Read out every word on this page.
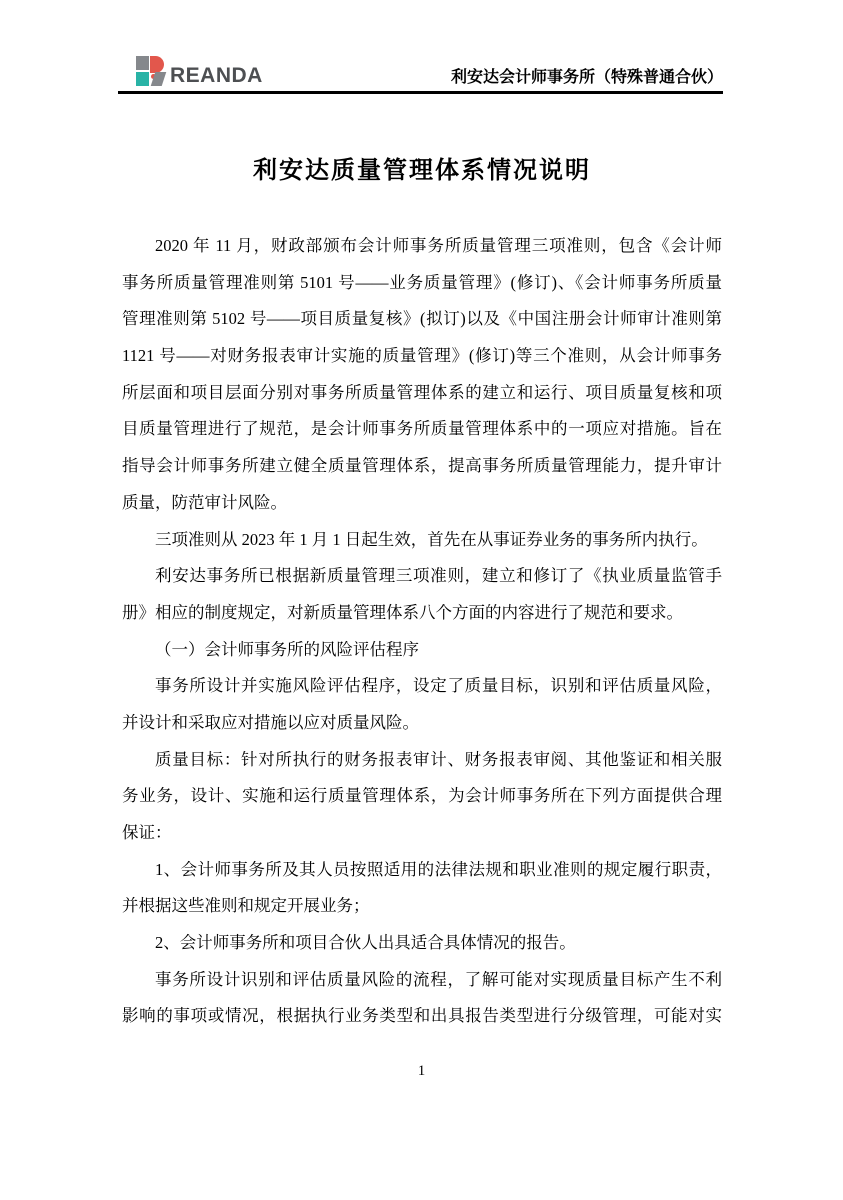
REANDA	利安达会计师事务所（特殊普通合伙）
利安达质量管理体系情况说明
2020 年 11 月，财政部颁布会计师事务所质量管理三项准则，包含《会计师
事务所质量管理准则第 5101 号——业务质量管理》(修订)、《会计师事务所质量
管理准则第 5102 号——项目质量复核》(拟订)以及《中国注册会计师审计准则第
1121 号——对财务报表审计实施的质量管理》(修订)等三个准则，从会计师事务
所层面和项目层面分别对事务所质量管理体系的建立和运行、项目质量复核和项
目质量管理进行了规范，是会计师事务所质量管理体系中的一项应对措施。旨在
指导会计师事务所建立健全质量管理体系，提高事务所质量管理能力，提升审计
质量，防范审计风险。
三项准则从 2023 年 1 月 1 日起生效，首先在从事证券业务的事务所内执行。
利安达事务所已根据新质量管理三项准则，建立和修订了《执业质量监管手
册》相应的制度规定，对新质量管理体系八个方面的内容进行了规范和要求。
（一）会计师事务所的风险评估程序
事务所设计并实施风险评估程序，设定了质量目标，识别和评估质量风险，
并设计和采取应对措施以应对质量风险。
质量目标：针对所执行的财务报表审计、财务报表审阅、其他鉴证和相关服
务业务，设计、实施和运行质量管理体系，为会计师事务所在下列方面提供合理
保证：
1、会计师事务所及其人员按照适用的法律法规和职业准则的规定履行职责，
并根据这些准则和规定开展业务；
2、会计师事务所和项目合伙人出具适合具体情况的报告。
事务所设计识别和评估质量风险的流程，了解可能对实现质量目标产生不利
影响的事项或情况，根据执行业务类型和出具报告类型进行分级管理，可能对实
1
